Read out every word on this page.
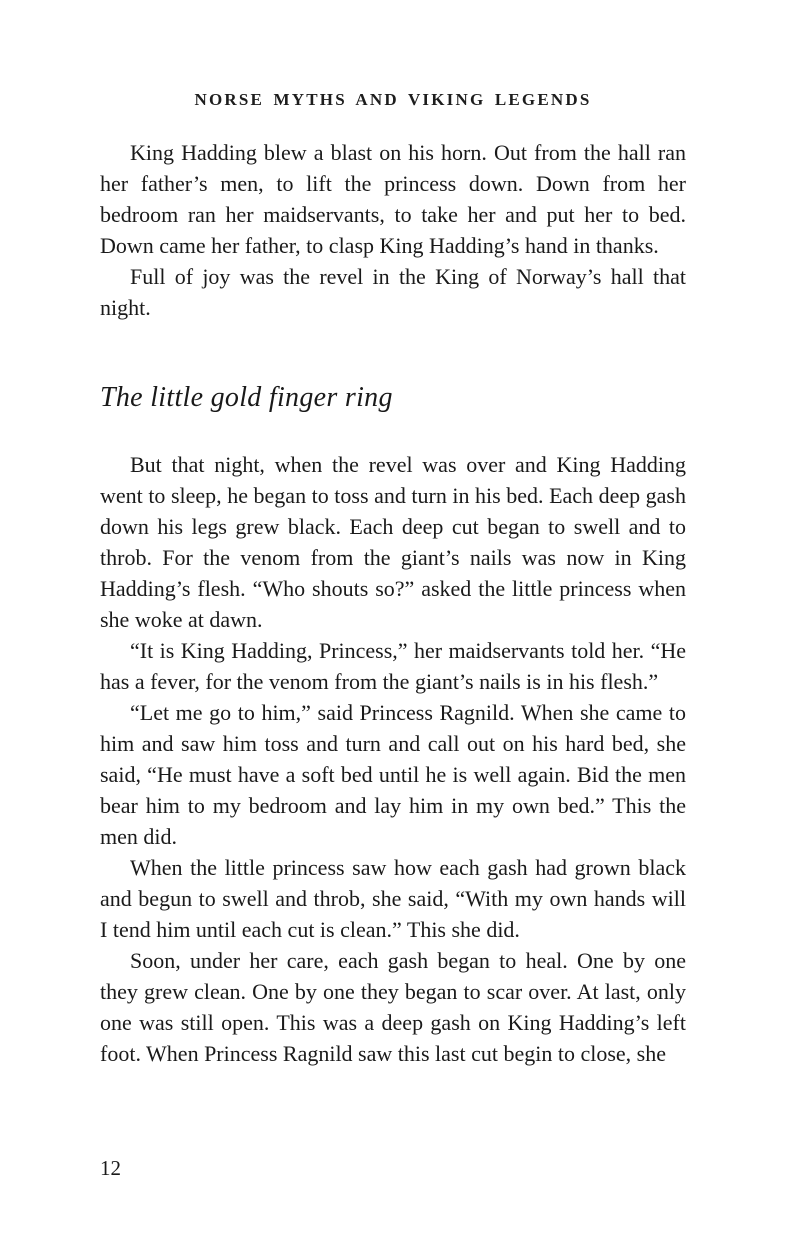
NORSE MYTHS AND VIKING LEGENDS

King Hadding blew a blast on his horn. Out from the hall ran her father’s men, to lift the princess down. Down from her bedroom ran her maidservants, to take her and put her to bed. Down came her father, to clasp King Hadding’s hand in thanks.

Full of joy was the revel in the King of Norway’s hall that night.

The little gold finger ring

But that night, when the revel was over and King Hadding went to sleep, he began to toss and turn in his bed. Each deep gash down his legs grew black. Each deep cut began to swell and to throb. For the venom from the giant’s nails was now in King Hadding’s flesh. “Who shouts so?” asked the little princess when she woke at dawn.

“It is King Hadding, Princess,” her maidservants told her. “He has a fever, for the venom from the giant’s nails is in his flesh.”

“Let me go to him,” said Princess Ragnild. When she came to him and saw him toss and turn and call out on his hard bed, she said, “He must have a soft bed until he is well again. Bid the men bear him to my bedroom and lay him in my own bed.” This the men did.

When the little princess saw how each gash had grown black and begun to swell and throb, she said, “With my own hands will I tend him until each cut is clean.” This she did.

Soon, under her care, each gash began to heal. One by one they grew clean. One by one they began to scar over. At last, only one was still open. This was a deep gash on King Hadding’s left foot. When Princess Ragnild saw this last cut begin to close, she

12
